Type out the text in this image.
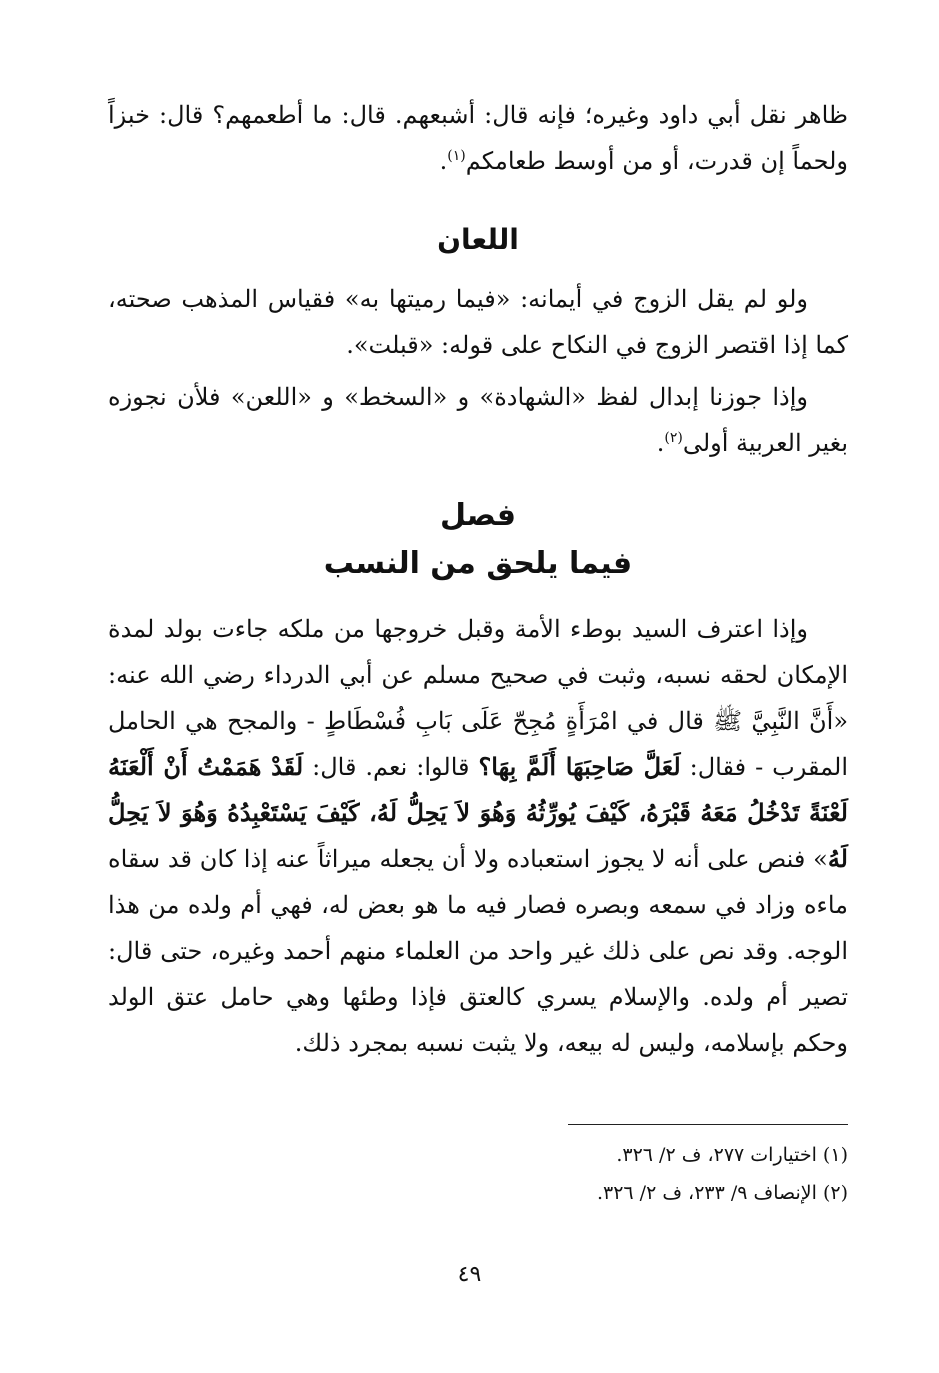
ظاهر نقل أبي داود وغيره؛ فإنه قال: أشبعهم. قال: ما أطعمهم؟ قال: خبزاً ولحماً إن قدرت، أو من أوسط طعامكم$^{(١)}$.

اللعان

ولو لم يقل الزوج في أيمانه: «فيما رميتها به» فقياس المذهب صحته، كما إذا اقتصر الزوج في النكاح على قوله: «قبلت».

وإذا جوزنا إبدال لفظ «الشهادة» و «السخط» و «اللعن» فلأن نجوزه بغير العربية أولى$^{(٢)}$.

فصل
فيما يلحق من النسب

وإذا اعترف السيد بوطء الأمة وقبل خروجها من ملكه جاءت بولد لمدة الإمكان لحقه نسبه، وثبت في صحيح مسلم عن أبي الدرداء رضي الله عنه: «أَنَّ النَّبِيَّ ﷺ قال في امْرَأَةٍ مُجِحّ عَلَى بَابِ فُسْطَاطٍ - والمجح هي الحامل المقرب - فقال: لَعَلَّ صَاحِبَهَا أَلَمَّ بِهَا؟ قالوا: نعم. قال: لَقَدْ هَمَمْتُ أَنْ أَلْعَنَهُ لَعْنَةً تَدْخُلُ مَعَهُ قَبْرَهُ، كَيْفَ يُورِّثُهُ وَهُوَ لاَ يَحِلُّ لَهُ، كَيْفَ يَسْتَعْبِدُهُ وَهُوَ لاَ يَحِلُّ لَهُ» فنص على أنه لا يجوز استعباده ولا أن يجعله ميراثاً عنه إذا كان قد سقاه ماءه وزاد في سمعه وبصره فصار فيه ما هو بعض له، فهي أم ولده من هذا الوجه. وقد نص على ذلك غير واحد من العلماء منهم أحمد وغيره، حتى قال: تصير أم ولده. والإسلام يسري كالعتق فإذا وطئها وهي حامل عتق الولد وحكم بإسلامه، وليس له بيعه، ولا يثبت نسبه بمجرد ذلك.

(١) اختيارات ٢٧٧، ف ٢/ ٣٢٦.

(٢) الإنصاف ٩/ ٢٣٣، ف ٢/ ٣٢٦.

٤٩
